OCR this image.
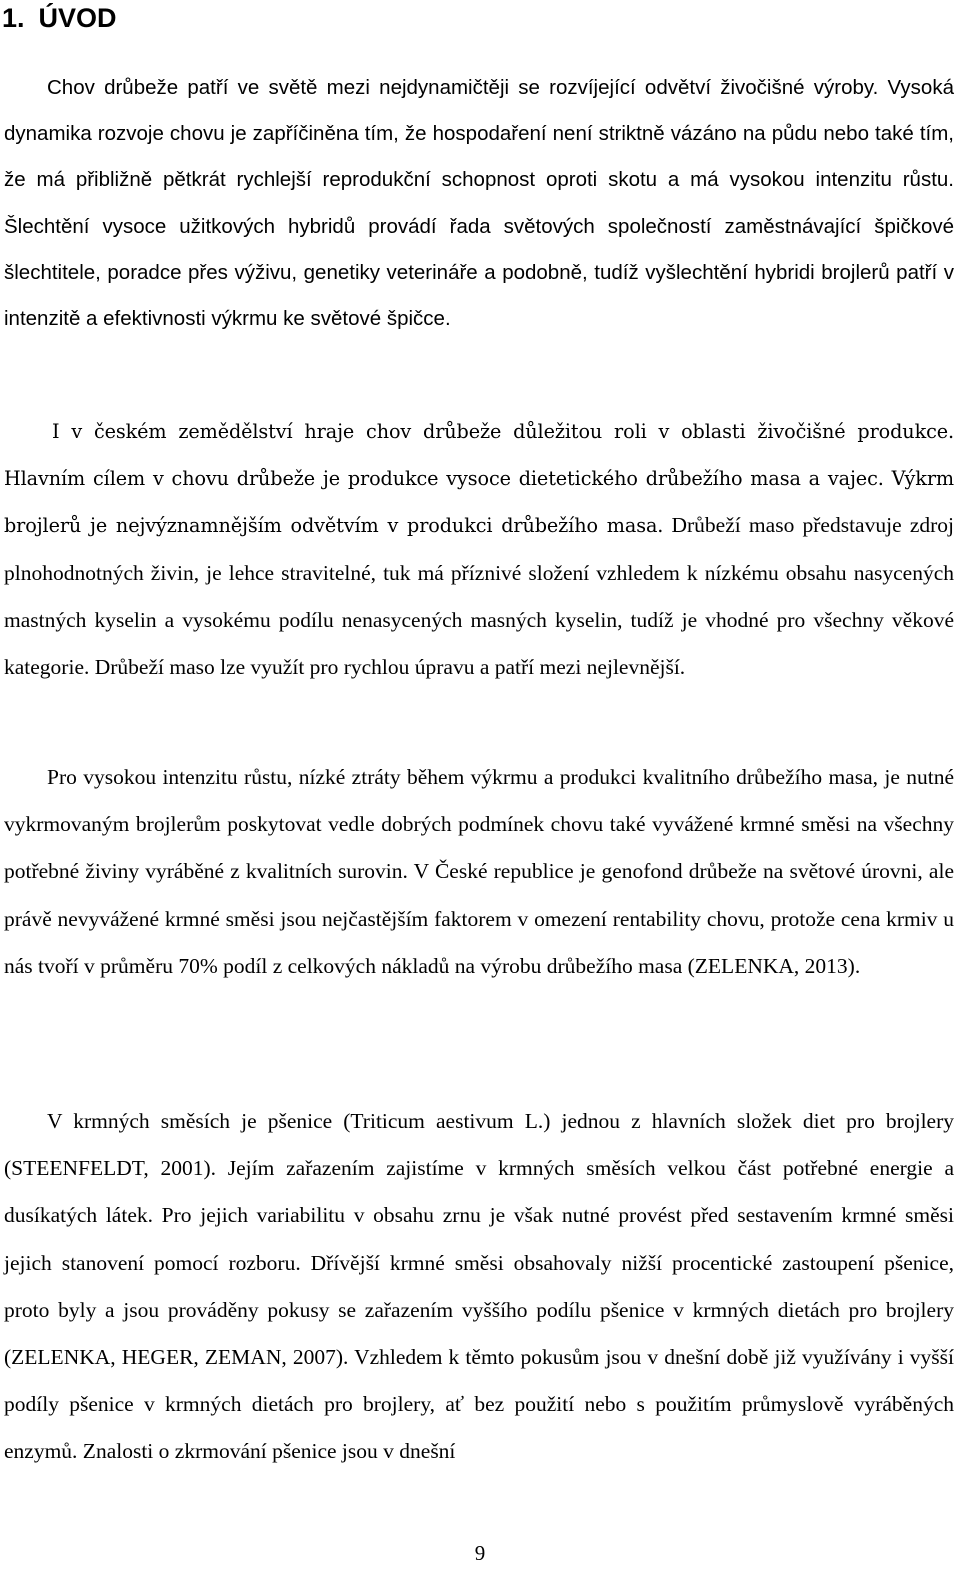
1. ÚVOD

Chov drůbeže patří ve světě mezi nejdynamičtěji se rozvíjející odvětví živočišné výroby. Vysoká dynamika rozvoje chovu je zapříčiněna tím, že hospodaření není striktně vázáno na půdu nebo také tím, že má přibližně pětkrát rychlejší reprodukční schopnost oproti skotu a má vysokou intenzitu růstu. Šlechtění vysoce užitkových hybridů provádí řada světových společností zaměstnávající špičkové šlechtitele, poradce přes výživu, genetiky veterináře a podobně, tudíž vyšlechtění hybridi brojlerů patří v intenzitě a efektivnosti výkrmu ke světové špičce.

I v českém zemědělství hraje chov drůbeže důležitou roli v oblasti živočišné produkce. Hlavním cílem v chovu drůbeže je produkce vysoce dietetického drůbežího masa a vajec. Výkrm brojlerů je nejvýznamnějším odvětvím v produkci drůbežího masa. Drůbeží maso představuje zdroj plnohodnotných živin, je lehce stravitelné, tuk má příznivé složení vzhledem k nízkému obsahu nasycených mastných kyselin a vysokému podílu nenasycených masných kyselin, tudíž je vhodné pro všechny věkové kategorie. Drůbeží maso lze využít pro rychlou úpravu a patří mezi nejlevnější.

Pro vysokou intenzitu růstu, nízké ztráty během výkrmu a produkci kvalitního drůbežího masa, je nutné vykrmovaným brojlerům poskytovat vedle dobrých podmínek chovu také vyvážené krmné směsi na všechny potřebné živiny vyráběné z kvalitních surovin. V České republice je genofond drůbeže na světové úrovni, ale právě nevyvážené krmné směsi jsou nejčastějším faktorem v omezení rentability chovu, protože cena krmiv u nás tvoří v průměru 70% podíl z celkových nákladů na výrobu drůbežího masa (ZELENKA, 2013).

V krmných směsích je pšenice (Triticum aestivum L.) jednou z hlavních složek diet pro brojlery (STEENFELDT, 2001). Jejím zařazením zajistíme v krmných směsích velkou část potřebné energie a dusíkatých látek. Pro jejich variabilitu v obsahu zrnu je však nutné provést před sestavením krmné směsi jejich stanovení pomocí rozboru. Dřívější krmné směsi obsahovaly nižší procentické zastoupení pšenice, proto byly a jsou prováděny pokusy se zařazením vyššího podílu pšenice v krmných dietách pro brojlery (ZELENKA, HEGER, ZEMAN, 2007). Vzhledem k těmto pokusům jsou v dnešní době již využívány i vyšší podíly pšenice v krmných dietách pro brojlery, ať bez použití nebo s použitím průmyslově vyráběných enzymů. Znalosti o zkrmování pšenice jsou v dnešní

9
